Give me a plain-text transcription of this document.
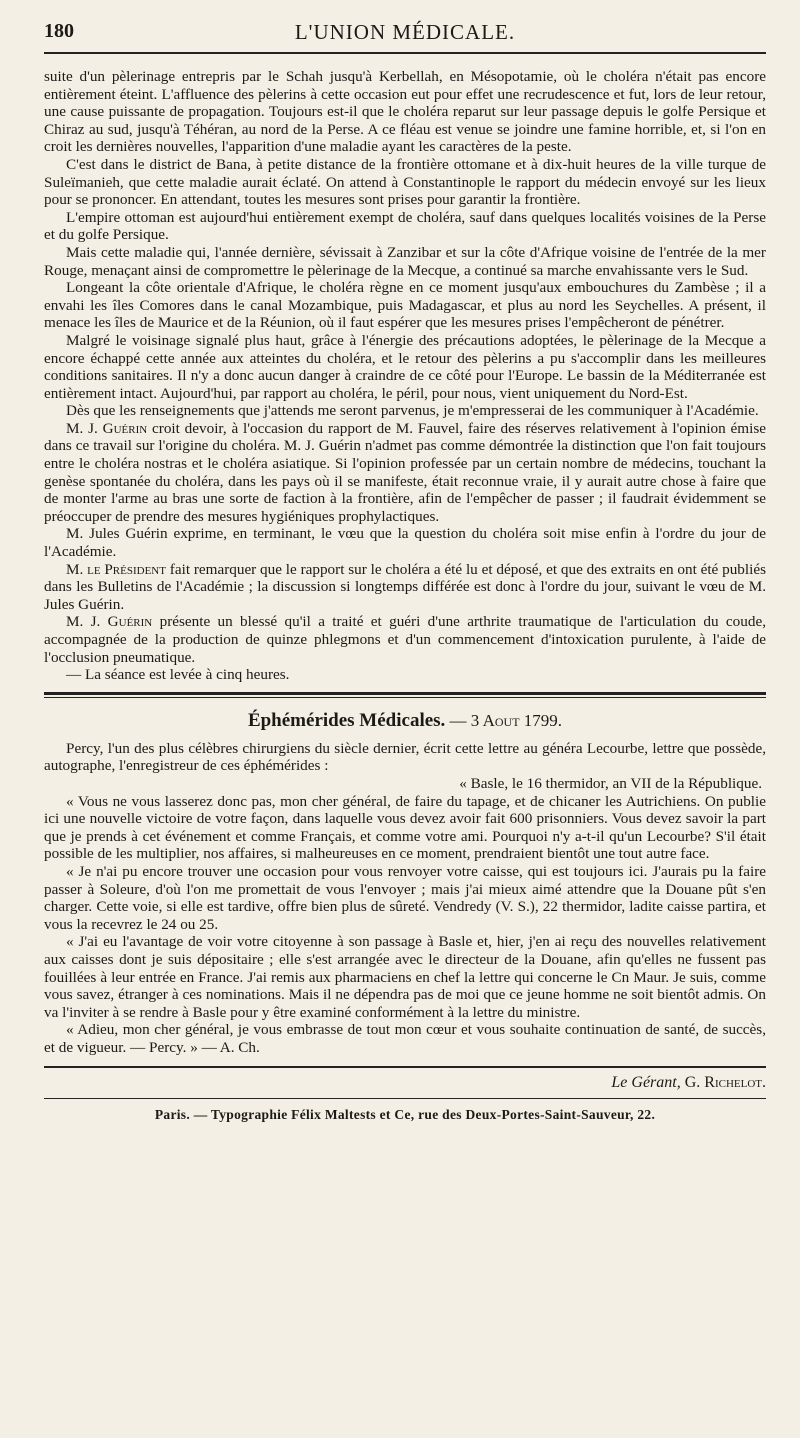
180	L'UNION MÉDICALE.

suite d'un pèlerinage entrepris par le Schah jusqu'à Kerbellah, en Mésopotamie, où le choléra n'était pas encore entièrement éteint. L'affluence des pèlerins à cette occasion eut pour effet une recrudescence et fut, lors de leur retour, une cause puissante de propagation. Toujours est-il que le choléra reparut sur leur passage depuis le golfe Persique et Chiraz au sud, jusqu'à Téhéran, au nord de la Perse. A ce fléau est venue se joindre une famine horrible, et, si l'on en croit les dernières nouvelles, l'apparition d'une maladie ayant les caractères de la peste.

C'est dans le district de Bana, à petite distance de la frontière ottomane et à dix-huit heures de la ville turque de Suleïmanieh, que cette maladie aurait éclaté. On attend à Constantinople le rapport du médecin envoyé sur les lieux pour se prononcer. En attendant, toutes les mesures sont prises pour garantir la frontière.

L'empire ottoman est aujourd'hui entièrement exempt de choléra, sauf dans quelques localités voisines de la Perse et du golfe Persique.

Mais cette maladie qui, l'année dernière, sévissait à Zanzibar et sur la côte d'Afrique voisine de l'entrée de la mer Rouge, menaçant ainsi de compromettre le pèlerinage de la Mecque, a continué sa marche envahissante vers le Sud.

Longeant la côte orientale d'Afrique, le choléra règne en ce moment jusqu'aux embouchures du Zambèse ; il a envahi les îles Comores dans le canal Mozambique, puis Madagascar, et plus au nord les Seychelles. A présent, il menace les îles de Maurice et de la Réunion, où il faut espérer que les mesures prises l'empêcheront de pénétrer.

Malgré le voisinage signalé plus haut, grâce à l'énergie des précautions adoptées, le pèlerinage de la Mecque a encore échappé cette année aux atteintes du choléra, et le retour des pèlerins a pu s'accomplir dans les meilleures conditions sanitaires. Il n'y a donc aucun danger à craindre de ce côté pour l'Europe. Le bassin de la Méditerranée est entièrement intact. Aujourd'hui, par rapport au choléra, le péril, pour nous, vient uniquement du Nord-Est.

Dès que les renseignements que j'attends me seront parvenus, je m'empresserai de les communiquer à l'Académie.

M. J. Guérin croit devoir, à l'occasion du rapport de M. Fauvel, faire des réserves relativement à l'opinion émise dans ce travail sur l'origine du choléra. M. J. Guérin n'admet pas comme démontrée la distinction que l'on fait toujours entre le choléra nostras et le choléra asiatique. Si l'opinion professée par un certain nombre de médecins, touchant la genèse spontanée du choléra, dans les pays où il se manifeste, était reconnue vraie, il y aurait autre chose à faire que de monter l'arme au bras une sorte de faction à la frontière, afin de l'empêcher de passer ; il faudrait évidemment se préoccuper de prendre des mesures hygiéniques prophylactiques.

M. Jules Guérin exprime, en terminant, le vœu que la question du choléra soit mise enfin à l'ordre du jour de l'Académie.

M. le Président fait remarquer que le rapport sur le choléra a été lu et déposé, et que des extraits en ont été publiés dans les Bulletins de l'Académie ; la discussion si longtemps différée est donc à l'ordre du jour, suivant le vœu de M. Jules Guérin.

M. J. Guérin présente un blessé qu'il a traité et guéri d'une arthrite traumatique de l'articulation du coude, accompagnée de la production de quinze phlegmons et d'un commencement d'intoxication purulente, à l'aide de l'occlusion pneumatique.

— La séance est levée à cinq heures.

Éphémérides Médicales. — 3 Aout 1799.

Percy, l'un des plus célèbres chirurgiens du siècle dernier, écrit cette lettre au généra Lecourbe, lettre que possède, autographe, l'enregistreur de ces éphémérides :

« Basle, le 16 thermidor, an VII de la République.

« Vous ne vous lasserez donc pas, mon cher général, de faire du tapage, et de chicaner les Autrichiens. On publie ici une nouvelle victoire de votre façon, dans laquelle vous devez avoir fait 600 prisonniers. Vous devez savoir la part que je prends à cet événement et comme Français, et comme votre ami. Pourquoi n'y a-t-il qu'un Lecourbe? S'il était possible de les multiplier, nos affaires, si malheureuses en ce moment, prendraient bientôt une tout autre face.

« Je n'ai pu encore trouver une occasion pour vous renvoyer votre caisse, qui est toujours ici. J'aurais pu la faire passer à Soleure, d'où l'on me promettait de vous l'envoyer ; mais j'ai mieux aimé attendre que la Douane pût s'en charger. Cette voie, si elle est tardive, offre bien plus de sûreté. Vendredy (V. S.), 22 thermidor, ladite caisse partira, et vous la recevrez le 24 ou 25.

« J'ai eu l'avantage de voir votre citoyenne à son passage à Basle et, hier, j'en ai reçu des nouvelles relativement aux caisses dont je suis dépositaire ; elle s'est arrangée avec le directeur de la Douane, afin qu'elles ne fussent pas fouillées à leur entrée en France. J'ai remis aux pharmaciens en chef la lettre qui concerne le Cn Maur. Je suis, comme vous savez, étranger à ces nominations. Mais il ne dépendra pas de moi que ce jeune homme ne soit bientôt admis. On va l'inviter à se rendre à Basle pour y être examiné conformément à la lettre du ministre.

« Adieu, mon cher général, je vous embrasse de tout mon cœur et vous souhaite continuation de santé, de succès, et de vigueur. — Percy. » — A. Ch.

Le Gérant, G. Richelot.
Paris. — Typographie Félix Maltests et Ce, rue des Deux-Portes-Saint-Sauveur, 22.
